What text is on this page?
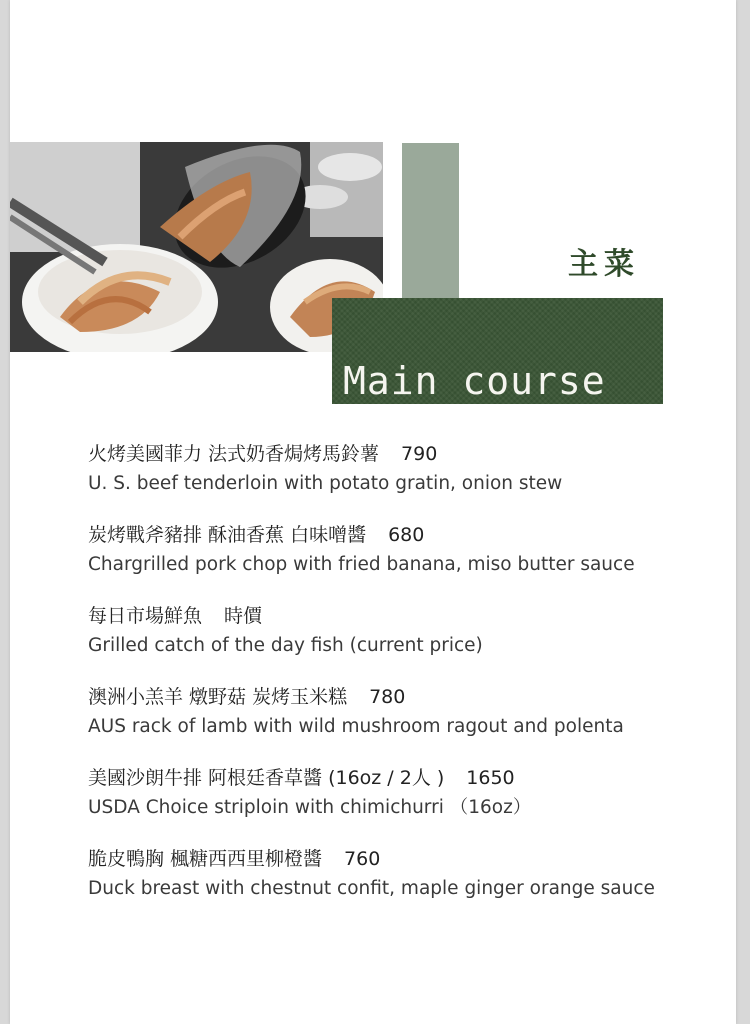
主菜
Main course
火烤美國菲力 法式奶香焗烤馬鈴薯 790
U. S. beef tenderloin with potato gratin, onion stew
炭烤戰斧豬排 酥油香蕉 白味噌醬 680
Chargrilled pork chop with fried banana, miso butter sauce
每日市場鮮魚 時價
Grilled catch of the day fish (current price)
澳洲小羔羊 燉野菇 炭烤玉米糕 780
AUS rack of lamb with wild mushroom ragout and polenta
美國沙朗牛排 阿根廷香草醬 (16oz / 2人 ) 1650
USDA Choice striploin with chimichurri （16oz）
脆皮鴨胸 楓糖西西里柳橙醬 760
Duck breast with chestnut confit, maple ginger orange sauce
